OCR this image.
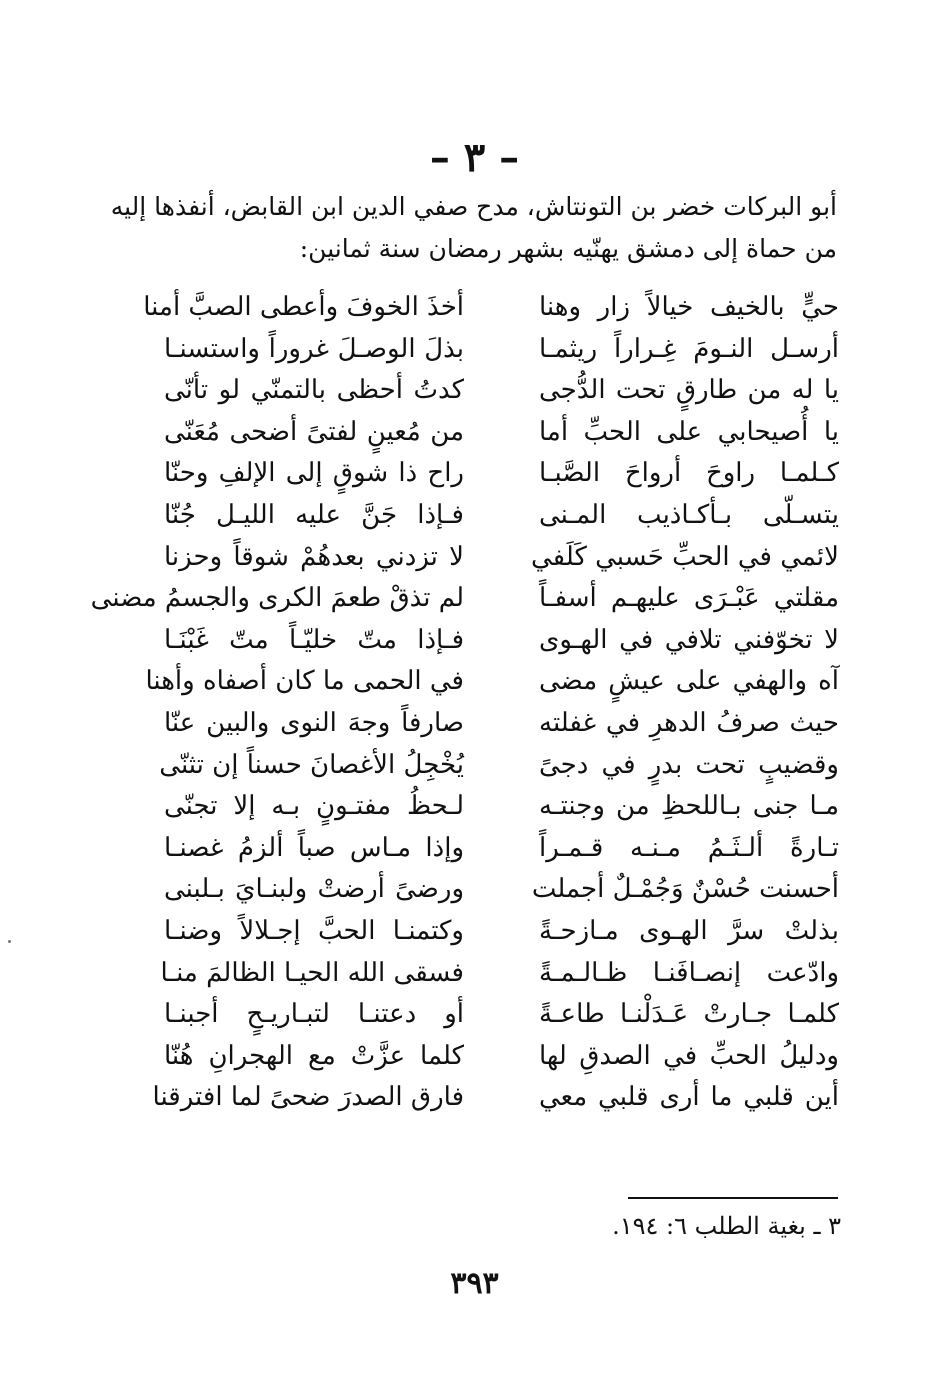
– ٣ –

أبو البركات خضر بن التونتاش، مدح صفي الدين ابن القابض، أنفذها إليه

من حماة إلى دمشق يهنّيه بشهر رمضان سنة ثمانين:

حيٍّ بالخيف خيالاً زار وهنا
أخذَ الخوفَ وأعطى الصبَّ أمنا
أرسـل النـومَ غِـراراً ريثمـا
بذلَ الوصـلَ غروراً واستسنـا
يا له من طارقٍ تحت الدُّجى
كدتُ أحظى بالتمنّي لو تأنّى
يا أُصيحابي على الحبِّ أما
من مُعينٍ لفتىً أضحى مُعَنّى
كـلمـا راوحَ أرواحَ الصَّبـا
راح ذا شوقٍ إلى الإلفِ وحنّا
يتسـلّى بـأكـاذيب المـنى
فـإذا جَنَّ عليه الليـل جُنّا
لائمي في الحبِّ حَسبي كَلَفي
لا تزدني بعدهُمْ شوقاً وحزنا
مقلتي عَبْـرَى عليهـم أسفـاً
لم تذقْ طعمَ الكرى والجسمُ مضنى
لا تخوّفني تلافي في الهـوى
فـإذا متّ خليّـاً متّ غَبْنَـا
آه والهفي على عيشٍ مضى
في الحمى ما كان أصفاه وأهنا
حيث صرفُ الدهرِ في غفلته
صارفاً وجهَ النوى والبين عنّا
وقضيبٍ تحت بدرٍ في دجىً
يُخْجِلُ الأغصانَ حسناً إن تثنّى
مـا جنى بـاللحظِ من وجنتـه
لـحظُ مفتـونٍ بـه إلا تجنّى
تـارةً ألـثَـمُ مـنـه قـمـراً
وإذا مـاس صباً ألزمُ غصنـا
أحسنت حُسْنٌ وَجُمْـلٌ أجملت
ورضىً أرضتْ ولبنـايَ بـلبنى
بذلتْ سرَّ الهـوى مـازحـةً
وكتمنـا الحبَّ إجـلالاً وضنـا
وادّعت إنصـافَنـا ظـالـمـةً
فسقى الله الحيـا الظالمَ منـا
كلمـا جـارتْ عَـدَلْنـا طاعـةً
أو دعتنـا لتبـاريـحٍ أجبنـا
ودليلُ الحبِّ في الصدقِ لها
كلما عزَّتْ مع الهجرانِ هُنّا
أين قلبي ما أرى قلبي معي
فارق الصدرَ ضحىً لما افترقنا
٣ ـ بغية الطلب ٦: ١٩٤.
٣٩٣
